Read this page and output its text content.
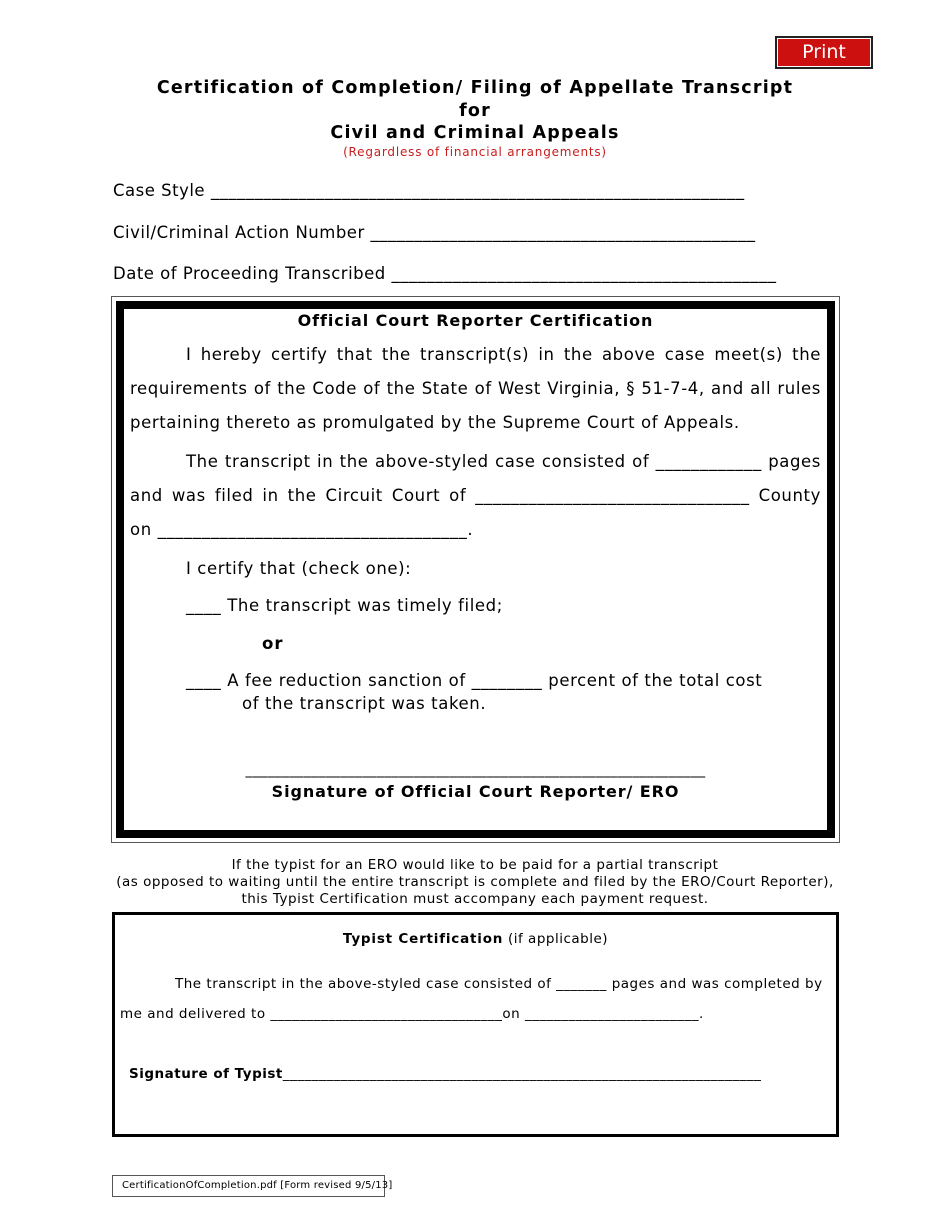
Print
Certification of Completion/ Filing of Appellate Transcript
for
Civil and Criminal Appeals
(Regardless of financial arrangements)
Case Style _____________________________________________________________
Civil/Criminal Action Number ____________________________________________
Date of Proceeding Transcribed ____________________________________________
Official Court Reporter Certification
I hereby certify that the transcript(s) in the above case meet(s) the
requirements of the Code of the State of West Virginia, § 51-7-4, and all rules
pertaining thereto as promulgated by the Supreme Court of Appeals.
The transcript in the above-styled case consisted of ____________ pages
and was filed in the Circuit Court of _______________________________ County
on ___________________________________.
I certify that (check one):
____ The transcript was timely filed;
or
____ A fee reduction sanction of ________ percent of the total cost
of the transcript was taken.
_______________________________________________________________
Signature of Official Court Reporter/ ERO
If the typist for an ERO would like to be paid for a partial transcript
(as opposed to waiting until the entire transcript is complete and filed by the ERO/Court Reporter),
this Typist Certification must accompany each payment request.
Typist Certification (if applicable)
The transcript in the above-styled case consisted of _______ pages and was completed by
me and delivered to ________________________________on ________________________.
Signature of Typist__________________________________________________________________
CertificationOfCompletion.pdf [Form revised 9/5/13]
